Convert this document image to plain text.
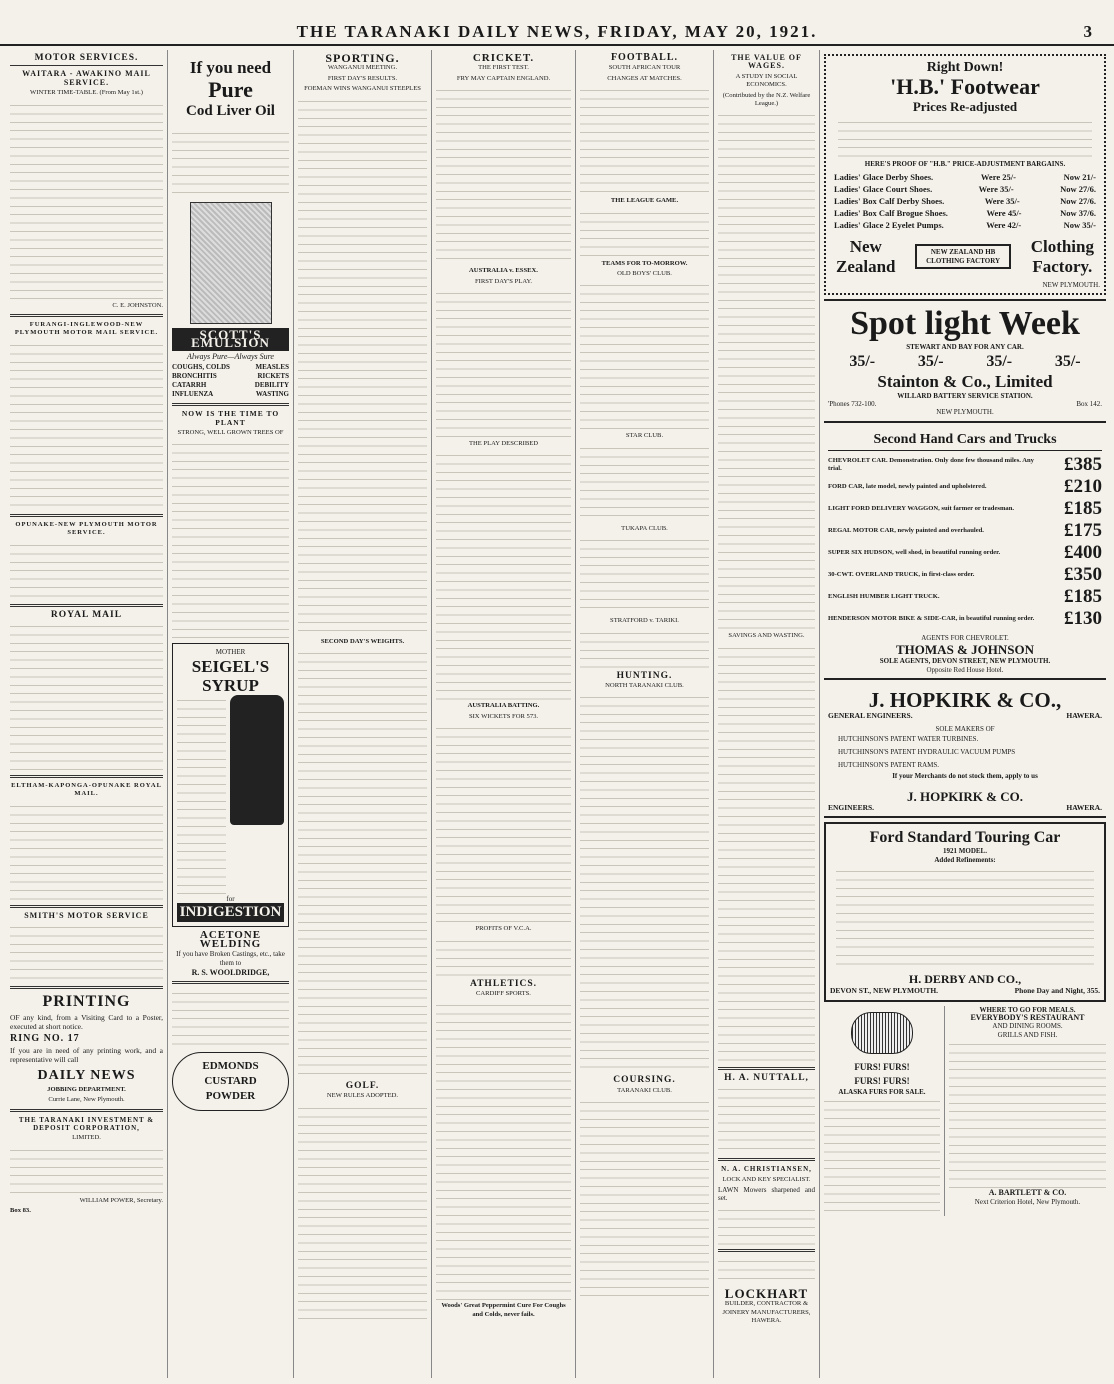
THE TARANAKI DAILY NEWS, FRIDAY, MAY 20, 1921.	3
MOTOR SERVICES.
WAITARA - AWAKINO MAIL SERVICE.
WINTER TIME-TABLE. (From May 1st.)
C. E. JOHNSTON.
FURANGI-INGLEWOOD-NEW PLYMOUTH MOTOR MAIL SERVICE.
OPUNAKE-NEW PLYMOUTH MOTOR SERVICE.
ROYAL MAIL
ELTHAM-KAPONGA-OPUNAKE ROYAL MAIL.
SMITH'S MOTOR SERVICE
PRINTING

OF any kind, from a Visiting Card to a Poster, executed at short notice.

RING NO. 17

If you are in need of any printing work, and a representative will call

DAILY NEWS
JOBBING DEPARTMENT.
Currie Lane, New Plymouth.
THE TARANAKI INVESTMENT & DEPOSIT CORPORATION,
LIMITED.
WILLIAM POWER, Secretary.
Box 83.
If you need
Pure
Cod Liver Oil
SCOTT'S EMULSION
Always Pure—Always Sure
COUGHS, COLDS	MEASLES
BRONCHITIS	RICKETS
CATARRH	DEBILITY
INFLUENZA	WASTING
NOW IS THE TIME TO PLANT
STRONG, WELL GROWN TREES OF
MOTHER
SEIGEL'S SYRUP
for
INDIGESTION
ACETONE WELDING

If you have Broken Castings, etc., take them to

R. S. WOOLDRIDGE,
EDMONDS CUSTARD POWDER
SPORTING.
WANGANUI MEETING.
FIRST DAY'S RESULTS.
FOEMAN WINS WANGANUI STEEPLES
SECOND DAY'S WEIGHTS.
GOLF.
NEW RULES ADOPTED.
CRICKET.
THE FIRST TEST.
FRY MAY CAPTAIN ENGLAND.
AUSTRALIA v. ESSEX.
FIRST DAY'S PLAY.
THE PLAY DESCRIBED
AUSTRALIA BATTING.
SIX WICKETS FOR 573.
PROFITS OF V.C.A.
ATHLETICS.
CARDIFF SPORTS.
Woods' Great Peppermint Cure For Coughs and Colds, never fails.
FOOTBALL.
SOUTH AFRICAN TOUR
CHANGES AT MATCHES.
THE LEAGUE GAME.
TEAMS FOR TO-MORROW.
OLD BOYS' CLUB.
STAR CLUB.
TUKAPA CLUB.
STRATFORD v. TARIKI.
HUNTING.
NORTH TARANAKI CLUB.
COURSING.
TARANAKI CLUB.
THE VALUE OF WAGES.
A STUDY IN SOCIAL ECONOMICS.
(Contributed by the N.Z. Welfare League.)
SAVINGS AND WASTING.
H. A. NUTTALL,
N. A. CHRISTIANSEN,
LOCK AND KEY SPECIALIST.

LAWN Mowers sharpened and set.

LOCKHART
BUILDER, CONTRACTOR & JOINERY MANUFACTURERS, HAWERA.
Right Down!
'H.B.' Footwear
Prices Re-adjusted
HERE'S PROOF OF "H.B." PRICE-ADJUSTMENT BARGAINS.
Ladies' Glace Derby Shoes.	Were 25/-	Now 21/-
Ladies' Glace Court Shoes.	Were 35/-	Now 27/6.
Ladies' Box Calf Derby Shoes.	Were 35/-	Now 27/6.
Ladies' Box Calf Brogue Shoes.	Were 45/-	Now 37/6.
Ladies' Glace 2 Eyelet Pumps.	Were 42/-	Now 35/-
New
Zealand
NEW ZEALAND HB CLOTHING FACTORY
Clothing
Factory.
NEW PLYMOUTH.
Spot light Week
STEWART AND BAY FOR ANY CAR.
35/-	35/-	35/-	35/-
Stainton & Co., Limited
WILLARD BATTERY SERVICE STATION.
'Phones 732-100.	Box 142.
NEW PLYMOUTH.
Second Hand Cars and Trucks
CHEVROLET CAR. Demonstration. Only done few thousand miles. Any trial.	£385
FORD CAR, late model, newly painted and upholstered.	£210
LIGHT FORD DELIVERY WAGGON, suit farmer or tradesman.	£185
REGAL MOTOR CAR, newly painted and overhauled.	£175
SUPER SIX HUDSON, well shod, in beautiful running order.	£400
30-CWT. OVERLAND TRUCK, in first-class order.	£350
ENGLISH HUMBER LIGHT TRUCK.	£185
HENDERSON MOTOR BIKE & SIDE-CAR, in beautiful running order.	£130
AGENTS FOR CHEVROLET.
THOMAS & JOHNSON
SOLE AGENTS, DEVON STREET, NEW PLYMOUTH.
Opposite Red House Hotel.
J. HOPKIRK & CO.,
GENERAL ENGINEERS.	HAWERA.
SOLE MAKERS OF
HUTCHINSON'S PATENT WATER TURBINES.
HUTCHINSON'S PATENT HYDRAULIC VACUUM PUMPS
HUTCHINSON'S PATENT RAMS.
If your Merchants do not stock them, apply to us
J. HOPKIRK & CO.
ENGINEERS.	HAWERA.
Ford Standard Touring Car
1921 MODEL.
Added Refinements:
H. DERBY AND CO.,
DEVON ST., NEW PLYMOUTH.	Phone Day and Night, 355.
FURS! FURS!
FURS! FURS!
ALASKA FURS FOR SALE.
WHERE TO GO FOR MEALS.
EVERYBODY'S RESTAURANT
AND DINING ROOMS.
GRILLS AND FISH.
A. BARTLETT & CO.
Next Criterion Hotel, New Plymouth.
